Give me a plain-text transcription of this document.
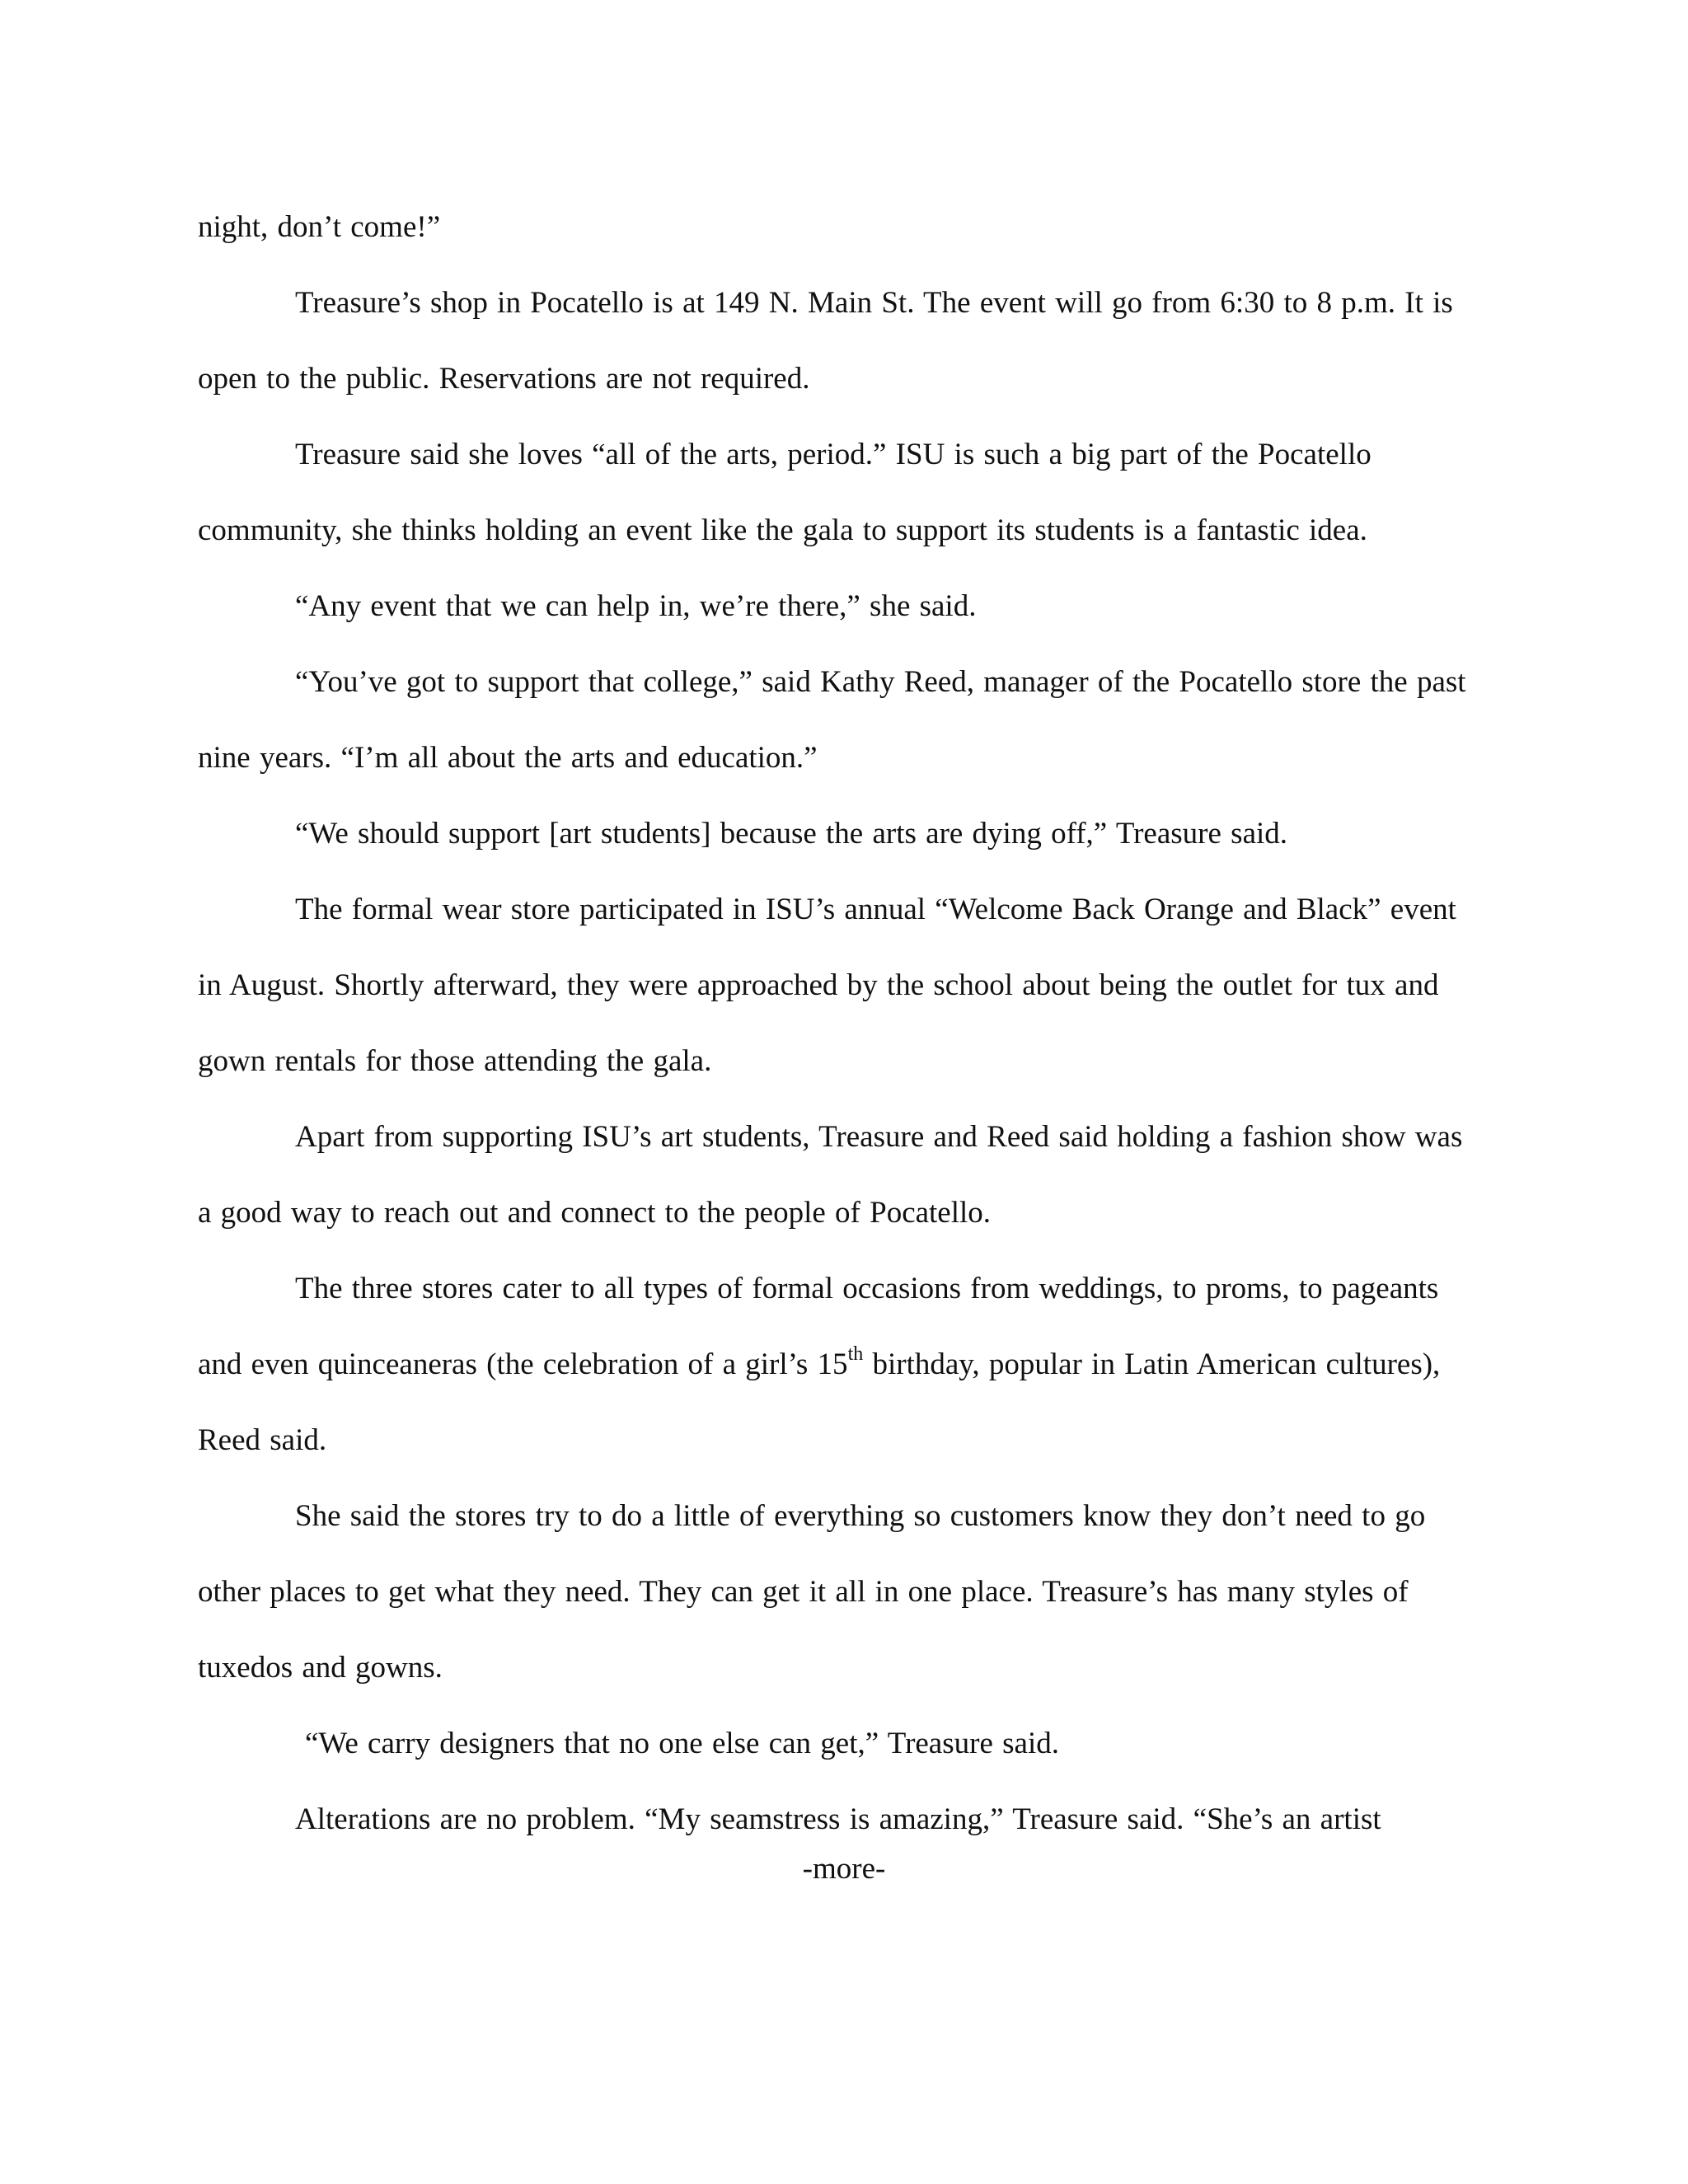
night, don’t come!”

Treasure’s shop in Pocatello is at 149 N. Main St. The event will go from 6:30 to 8 p.m. It is open to the public. Reservations are not required.

Treasure said she loves “all of the arts, period.” ISU is such a big part of the Pocatello community, she thinks holding an event like the gala to support its students is a fantastic idea.

“Any event that we can help in, we’re there,” she said.

“You’ve got to support that college,” said Kathy Reed, manager of the Pocatello store the past nine years. “I’m all about the arts and education.”

“We should support [art students] because the arts are dying off,” Treasure said.

The formal wear store participated in ISU’s annual “Welcome Back Orange and Black” event in August. Shortly afterward, they were approached by the school about being the outlet for tux and gown rentals for those attending the gala.

Apart from supporting ISU’s art students, Treasure and Reed said holding a fashion show was a good way to reach out and connect to the people of Pocatello.

The three stores cater to all types of formal occasions from weddings, to proms, to pageants and even quinceaneras (the celebration of a girl’s 15th birthday, popular in Latin American cultures), Reed said.

She said the stores try to do a little of everything so customers know they don’t need to go other places to get what they need. They can get it all in one place. Treasure’s has many styles of tuxedos and gowns.

“We carry designers that no one else can get,” Treasure said.

Alterations are no problem. “My seamstress is amazing,” Treasure said. “She’s an artist

-more-
